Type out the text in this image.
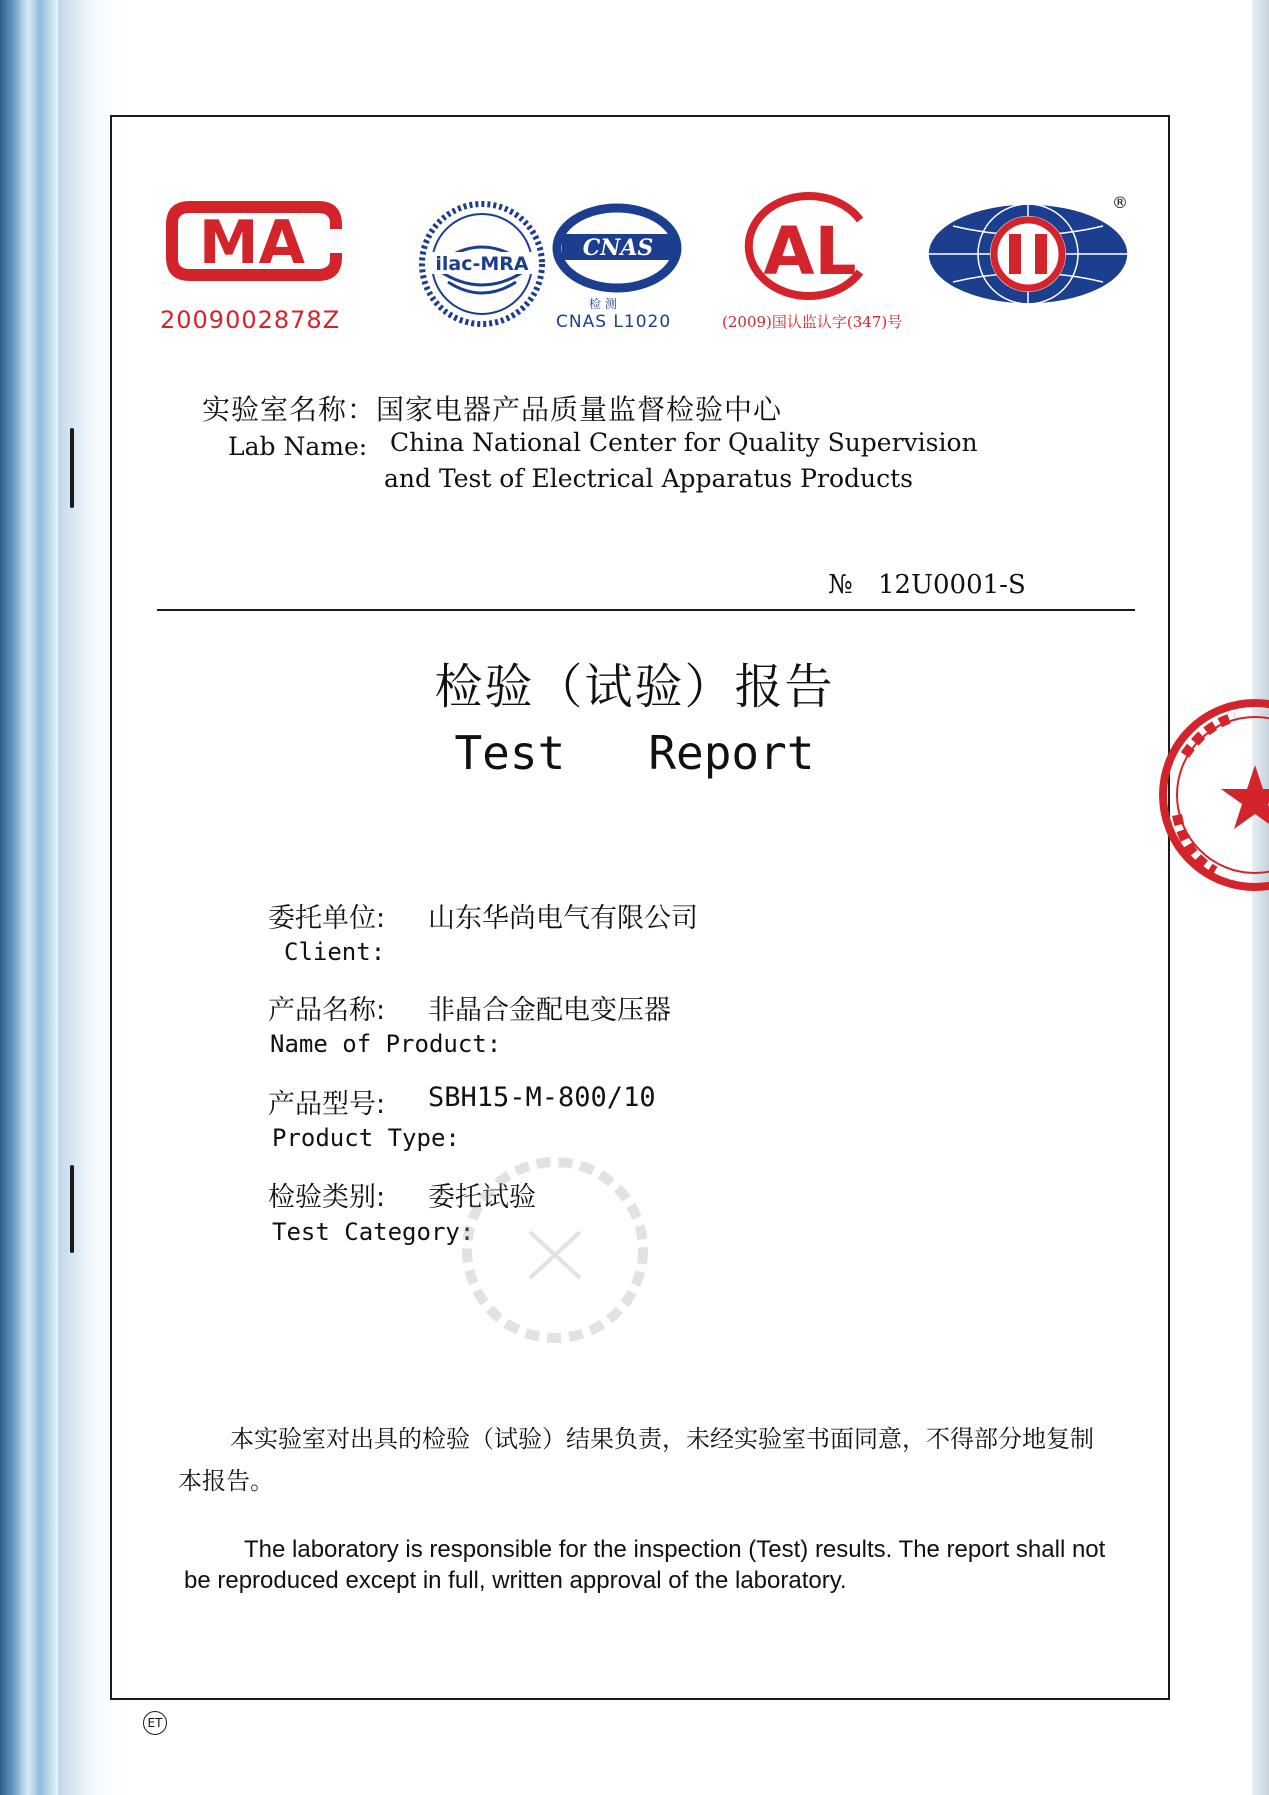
MA
2009002878Z
ilac-MRA
CNAS
检 测
CNAS L1020
AL
(2009)国认监认字(347)号
®
实验室名称：国家电器产品质量监督检验中心
Lab Name: China National Center for Quality Supervision
and Test of Electrical Apparatus Products
№ 12U0001-S
检验（试验）报告
Test   Report
委托单位: 山东华尚电气有限公司
Client:
产品名称: 非晶合金配电变压器
Name of Product:
产品型号: SBH15-M-800/10
Product Type:
检验类别: 委托试验
Test Category:
本实验室对出具的检验（试验）结果负责，未经实验室书面同意，不得部分地复制本报告。
The laboratory is responsible for the inspection (Test) results. The report shall not be reproduced except in full, written approval of the laboratory.
ET
